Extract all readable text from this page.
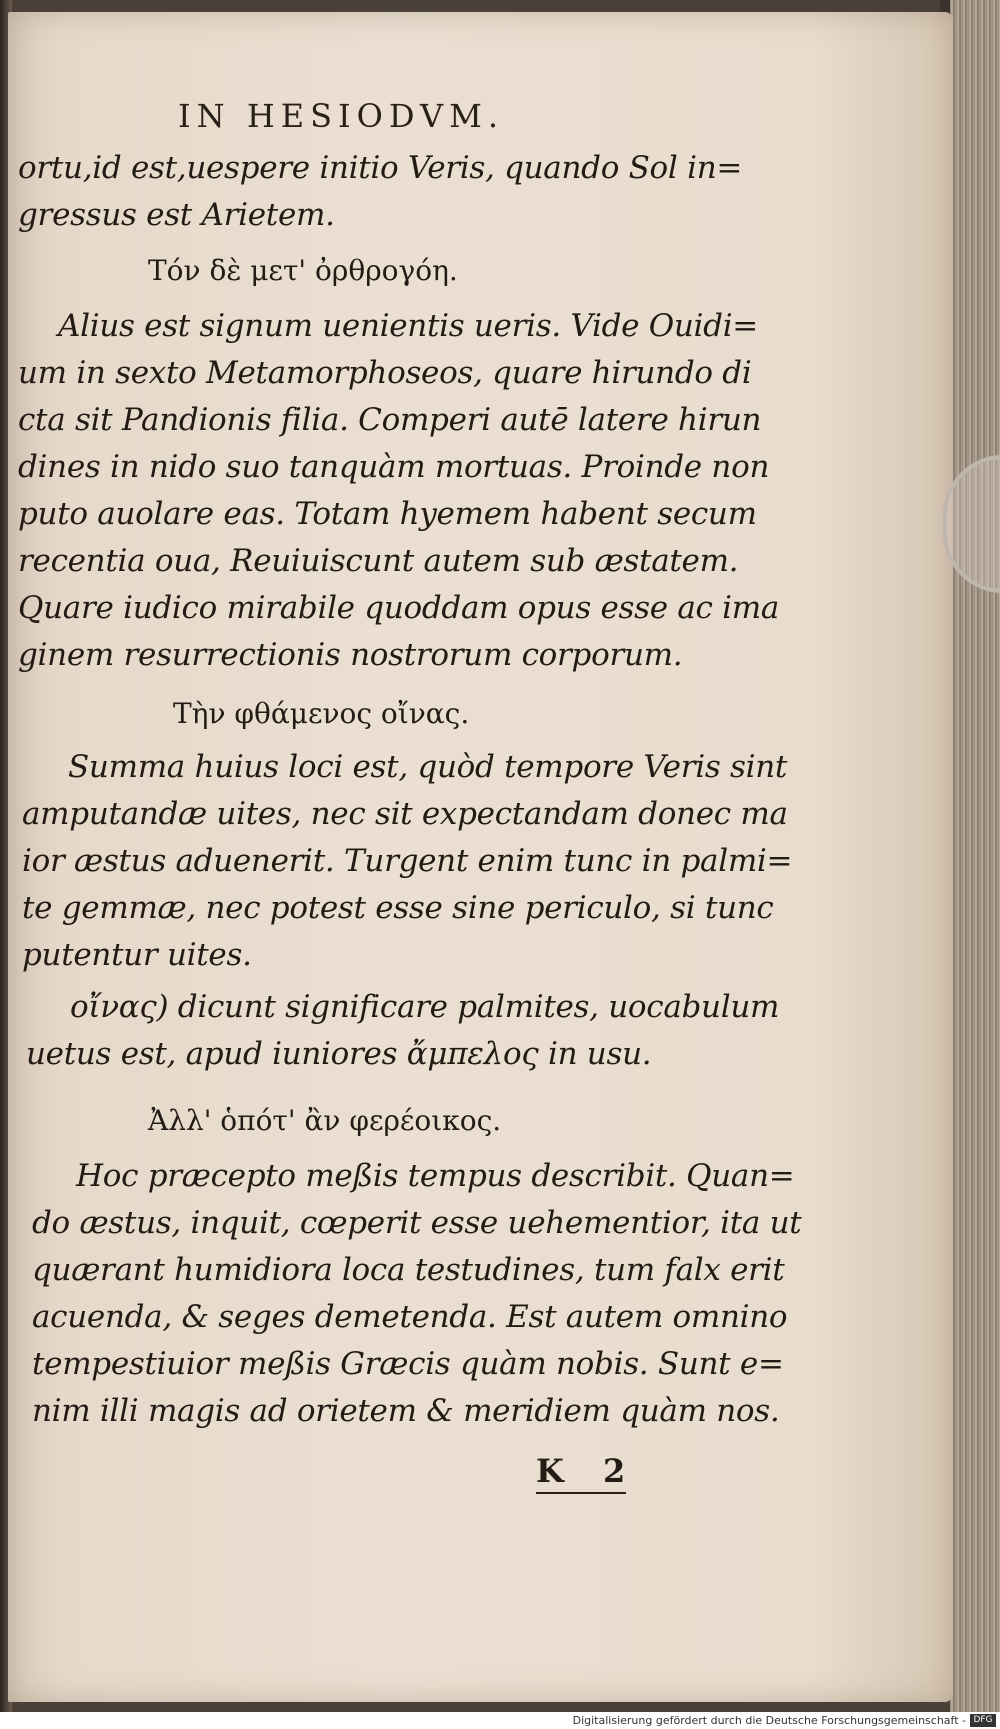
IN HESIODVM.
ortu,id est,uespere initio Veris, quando Sol in=
gressus est Arietem.
Τόν δὲ μετ' ὀρθρογόη.
Alius est signum uenientis ueris. Vide Ouidi=
um in sexto Metamorphoseos, quare hirundo di
cta sit Pandionis filia. Comperi autē latere hirun
dines in nido suo tanquàm mortuas. Proinde non
puto auolare eas. Totam hyemem habent secum
recentia oua, Reuiuiscunt autem sub æstatem.
Quare iudico mirabile quoddam opus esse ac ima
ginem resurrectionis nostrorum corporum.
Τὴν φθάμενος οἴνας.
Summa huius loci est, quòd tempore Veris sint
amputandæ uites, nec sit expectandam donec ma
ior æstus aduenerit. Turgent enim tunc in palmi=
te gemmæ, nec potest esse sine periculo, si tunc
putentur uites.
οἴνας) dicunt significare palmites, uocabulum
uetus est, apud iuniores ἄμπελος in usu.
Ἀλλ' ὁπότ' ἂν φερέοικος.
Hoc præcepto meßis tempus describit. Quan=
do æstus, inquit, cœperit esse uehementior, ita ut
quærant humidiora loca testudines, tum falx erit
acuenda, & seges demetenda. Est autem omnino
tempestiuior meßis Græcis quàm nobis. Sunt e=
nim illi magis ad orietem & meridiem quàm nos.
K 2
Digitalisierung gefördert durch die Deutsche Forschungsgemeinschaft - DFG
